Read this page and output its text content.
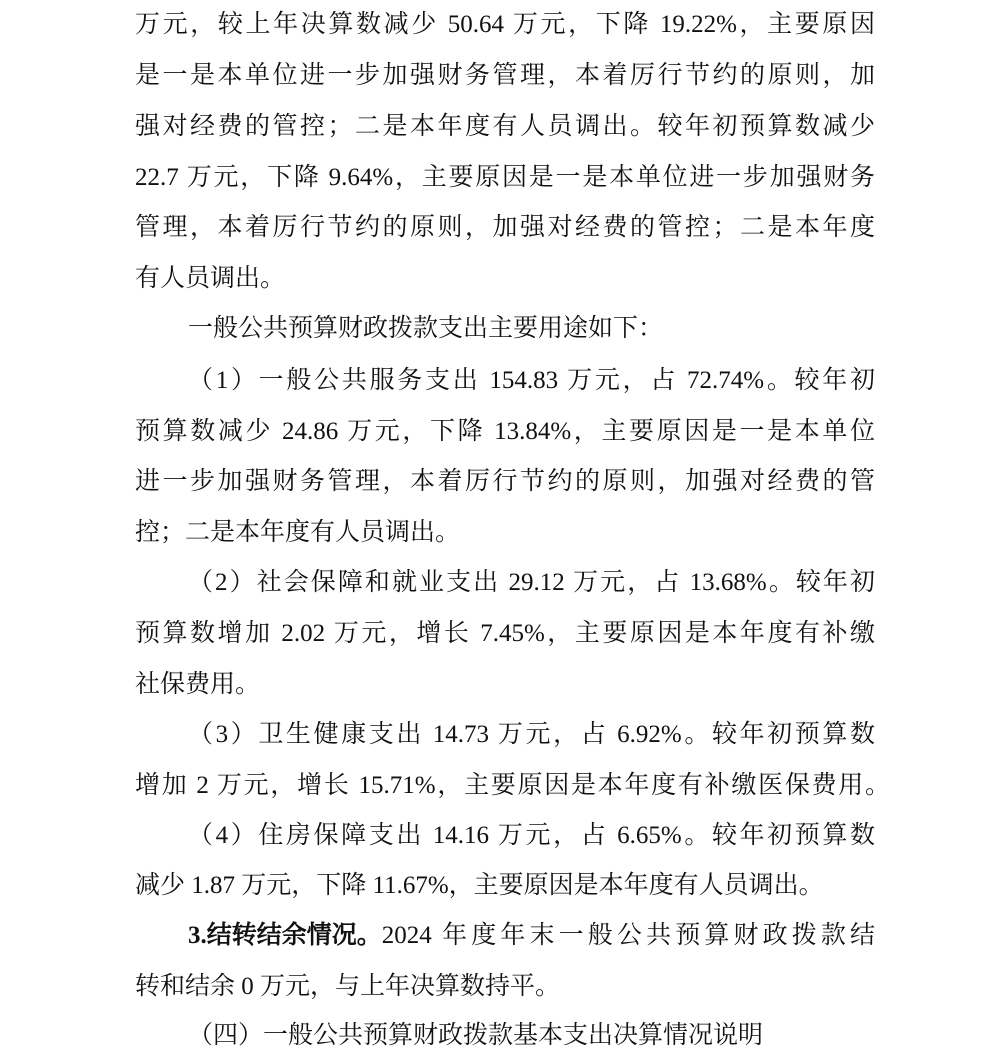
万元，较上年决算数减少 50.64 万元，下降 19.22%，主要原因
是一是本单位进一步加强财务管理，本着厉行节约的原则，加
强对经费的管控；二是本年度有人员调出。较年初预算数减少
22.7 万元，下降 9.64%，主要原因是一是本单位进一步加强财务
管理，本着厉行节约的原则，加强对经费的管控；二是本年度
有人员调出。
一般公共预算财政拨款支出主要用途如下：
（1）一般公共服务支出 154.83 万元，占 72.74%。较年初
预算数减少 24.86 万元，下降 13.84%，主要原因是一是本单位
进一步加强财务管理，本着厉行节约的原则，加强对经费的管
控；二是本年度有人员调出。
（2）社会保障和就业支出 29.12 万元，占 13.68%。较年初
预算数增加 2.02 万元，增长 7.45%，主要原因是本年度有补缴
社保费用。
（3）卫生健康支出 14.73 万元，占 6.92%。较年初预算数
增加 2 万元，增长 15.71%，主要原因是本年度有补缴医保费用。
（4）住房保障支出 14.16 万元，占 6.65%。较年初预算数
减少 1.87 万元，下降 11.67%，主要原因是本年度有人员调出。
3.结转结余情况。 2024 年度年末一般公共预算财政拨款结
转和结余 0 万元，与上年决算数持平。
（四）一般公共预算财政拨款基本支出决算情况说明
